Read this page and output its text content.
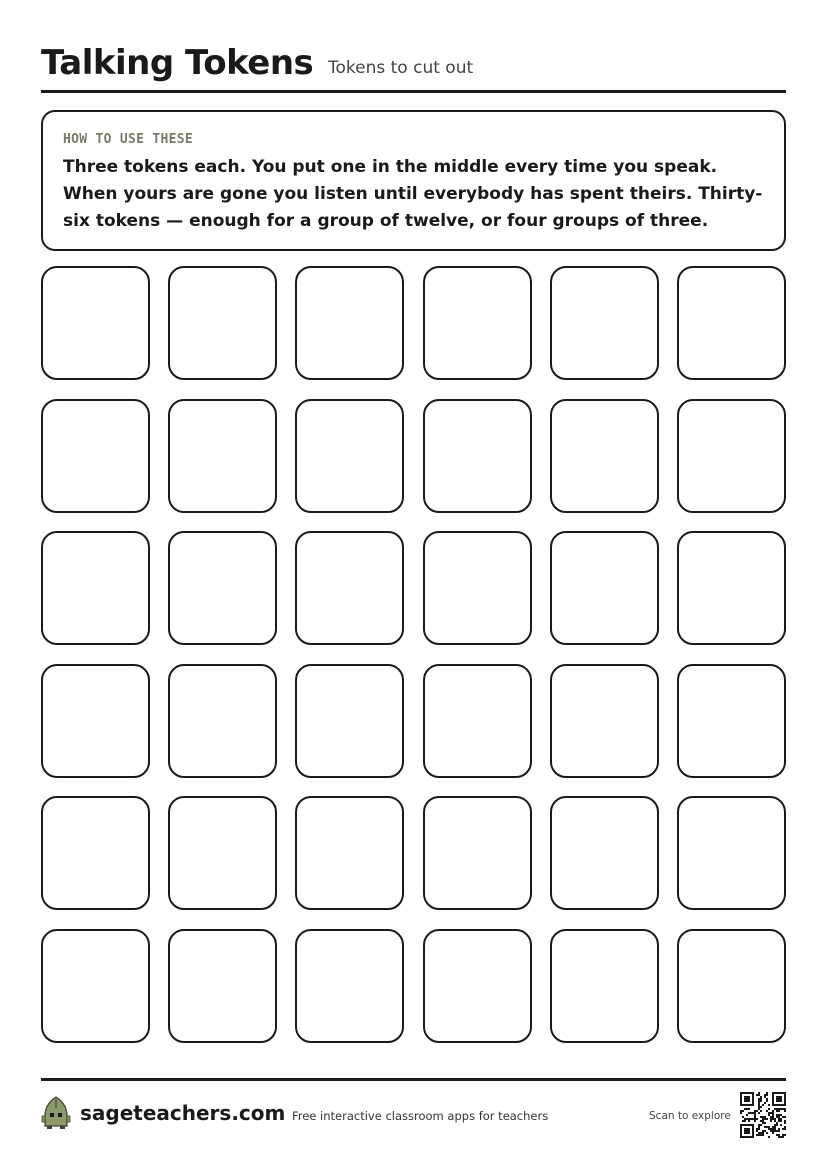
Talking Tokens Tokens to cut out
HOW TO USE THESE

Three tokens each. You put one in the middle every time you speak. When yours are gone you listen until everybody has spent theirs. Thirty-six tokens — enough for a group of twelve, or four groups of three.

sageteachers.com Free interactive classroom apps for teachers	Scan to explore
